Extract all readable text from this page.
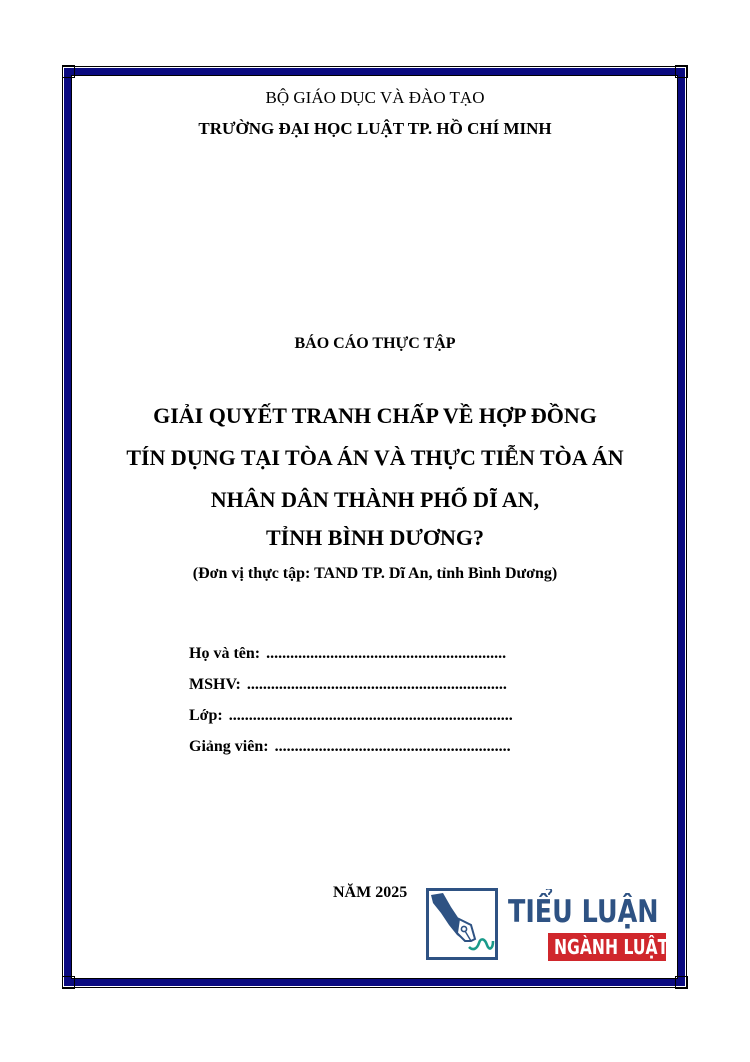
BỘ GIÁO DỤC VÀ ĐÀO TẠO
TRƯỜNG ĐẠI HỌC LUẬT TP. HỒ CHÍ MINH
BÁO CÁO THỰC TẬP
GIẢI QUYẾT TRANH CHẤP VỀ HỢP ĐỒNG
TÍN DỤNG TẠI TÒA ÁN VÀ THỰC TIỄN TÒA ÁN
NHÂN DÂN THÀNH PHỐ DĨ AN,
TỈNH BÌNH DƯƠNG?
(Đơn vị thực tập: TAND TP. Dĩ An, tỉnh Bình Dương)
Họ và tên: ............................................................
MSHV: .................................................................
Lớp: .......................................................................
Giảng viên: ...........................................................
NĂM 2025
TIỂU LUẬN
NGÀNH LUẬT
